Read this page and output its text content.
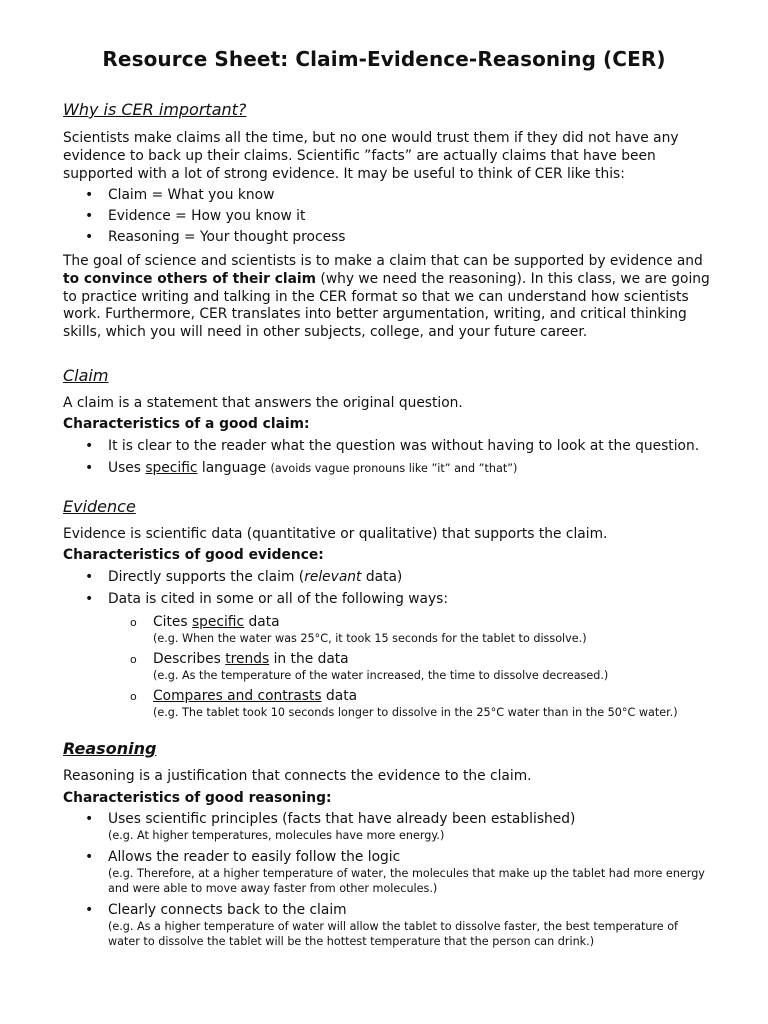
Resource Sheet: Claim-Evidence-Reasoning (CER)
Why is CER important?

Scientists make claims all the time, but no one would trust them if they did not have any evidence to back up their claims. Scientific ”facts” are actually claims that have been supported with a lot of strong evidence. It may be useful to think of CER like this:

• Claim = What you know
• Evidence = How you know it
• Reasoning = Your thought process

The goal of science and scientists is to make a claim that can be supported by evidence and to convince others of their claim (why we need the reasoning). In this class, we are going to practice writing and talking in the CER format so that we can understand how scientists work. Furthermore, CER translates into better argumentation, writing, and critical thinking skills, which you will need in other subjects, college, and your future career.

Claim

A claim is a statement that answers the original question.

Characteristics of a good claim:

• It is clear to the reader what the question was without having to look at the question.
• Uses specific language (avoids vague pronouns like ”it” and ”that”)
Evidence

Evidence is scientific data (quantitative or qualitative) that supports the claim.

Characteristics of good evidence:

• Directly supports the claim (relevant data)
• Data is cited in some or all of the following ways:
o Cites specific data
(e.g. When the water was 25°C, it took 15 seconds for the tablet to dissolve.)
o Describes trends in the data
(e.g. As the temperature of the water increased, the time to dissolve decreased.)
o Compares and contrasts data
(e.g. The tablet took 10 seconds longer to dissolve in the 25°C water than in the 50°C water.)
Reasoning

Reasoning is a justification that connects the evidence to the claim.

Characteristics of good reasoning:

• Uses scientific principles (facts that have already been established)
(e.g. At higher temperatures, molecules have more energy.)
• Allows the reader to easily follow the logic
(e.g. Therefore, at a higher temperature of water, the molecules that make up the tablet had more energy and were able to move away faster from other molecules.)
• Clearly connects back to the claim
(e.g. As a higher temperature of water will allow the tablet to dissolve faster, the best temperature of water to dissolve the tablet will be the hottest temperature that the person can drink.)
